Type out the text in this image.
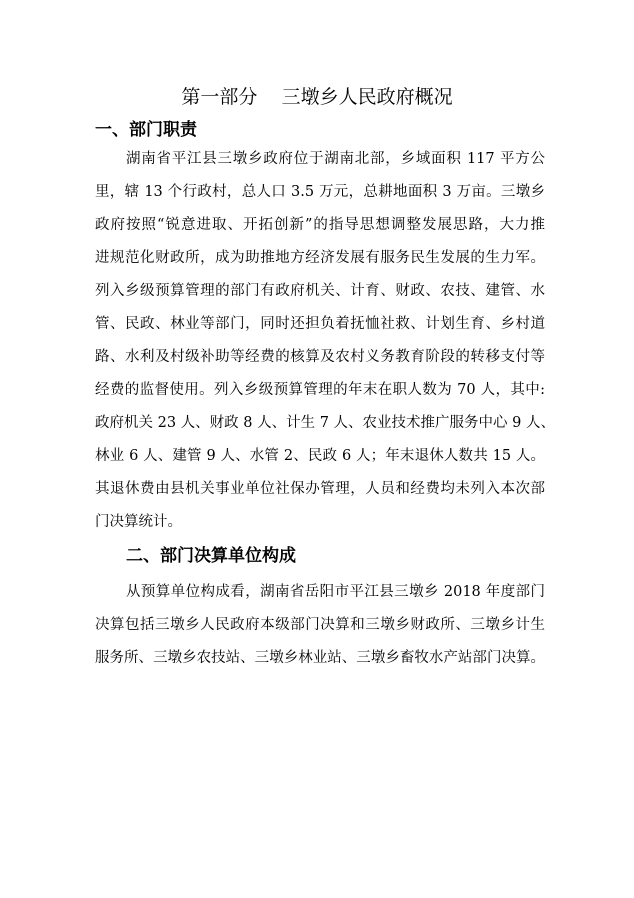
第一部分    三墩乡人民政府概况
一、部门职责
湖南省平江县三墩乡政府位于湖南北部，乡域面积 117 平方公
里，辖 13 个行政村，总人口 3.5 万元，总耕地面积 3 万亩。三墩乡
政府按照“锐意进取、开拓创新”的指导思想调整发展思路，大力推
进规范化财政所，成为助推地方经济发展有服务民生发展的生力军。
列入乡级预算管理的部门有政府机关、计育、财政、农技、建管、水
管、民政、林业等部门，同时还担负着抚恤社救、计划生育、乡村道
路、水利及村级补助等经费的核算及农村义务教育阶段的转移支付等
经费的监督使用。列入乡级预算管理的年末在职人数为 70 人，其中:
政府机关 23 人、财政 8 人、计生 7 人、农业技术推广服务中心 9 人、
林业 6 人、建管 9 人、水管 2、民政 6 人；年末退休人数共 15 人。
其退休费由县机关事业单位社保办管理，人员和经费均未列入本次部
门决算统计。
二、部门决算单位构成
从预算单位构成看，湖南省岳阳市平江县三墩乡 2018 年度部门
决算包括三墩乡人民政府本级部门决算和三墩乡财政所、三墩乡计生
服务所、三墩乡农技站、三墩乡林业站、三墩乡畜牧水产站部门决算。
